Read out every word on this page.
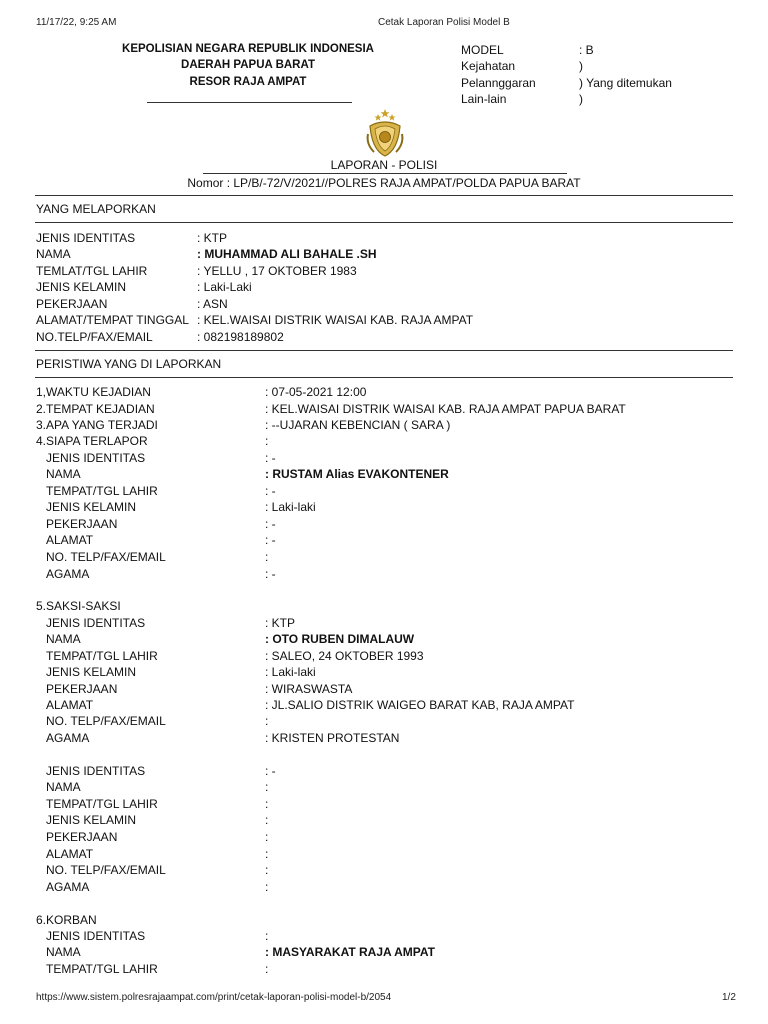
11/17/22, 9:25 AM	Cetak Laporan Polisi Model B
https://www.sistem.polresrajaampat.com/print/cetak-laporan-polisi-model-b/2054	1/2
KEPOLISIAN NEGARA REPUBLIK INDONESIA
DAERAH PAPUA BARAT
RESOR RAJA AMPAT
MODEL	: B
Kejahatan	)
Pelannggaran	) Yang ditemukan
Lain-lain	)
LAPORAN - POLISI
Nomor : LP/B/-72/V/2021//POLRES RAJA AMPAT/POLDA PAPUA BARAT
YANG MELAPORKAN
JENIS IDENTITAS	: KTP
NAMA	: MUHAMMAD ALI BAHALE .SH
TEMLAT/TGL LAHIR	: YELLU , 17 OKTOBER 1983
JENIS KELAMIN	: Laki-Laki
PEKERJAAN	: ASN
ALAMAT/TEMPAT TINGGAL : KEL.WAISAI DISTRIK WAISAI KAB. RAJA AMPAT
NO.TELP/FAX/EMAIL	: 082198189802
PERISTIWA YANG DI LAPORKAN
1,WAKTU KEJADIAN	: 07-05-2021 12:00
2.TEMPAT KEJADIAN	: KEL.WAISAI DISTRIK WAISAI KAB. RAJA AMPAT PAPUA BARAT
3.APA YANG TERJADI	: --UJARAN KEBENCIAN ( SARA )
4.SIAPA TERLAPOR	:
JENIS IDENTITAS	: -
NAMA	: RUSTAM Alias EVAKONTENER
TEMPAT/TGL LAHIR	: -
JENIS KELAMIN	: Laki-laki
PEKERJAAN	: -
ALAMAT	: -
NO. TELP/FAX/EMAIL	:
AGAMA	: -
5.SAKSI-SAKSI
JENIS IDENTITAS	: KTP
NAMA	: OTO RUBEN DIMALAUW
TEMPAT/TGL LAHIR	: SALEO, 24 OKTOBER 1993
JENIS KELAMIN	: Laki-laki
PEKERJAAN	: WIRASWASTA
ALAMAT	: JL.SALIO DISTRIK WAIGEO BARAT KAB, RAJA AMPAT
NO. TELP/FAX/EMAIL	:
AGAMA	: KRISTEN PROTESTAN
JENIS IDENTITAS	: -
NAMA	:
TEMPAT/TGL LAHIR	:
JENIS KELAMIN	:
PEKERJAAN	:
ALAMAT	:
NO. TELP/FAX/EMAIL	:
AGAMA	:
6.KORBAN
JENIS IDENTITAS	:
NAMA	: MASYARAKAT RAJA AMPAT
TEMPAT/TGL LAHIR	:
